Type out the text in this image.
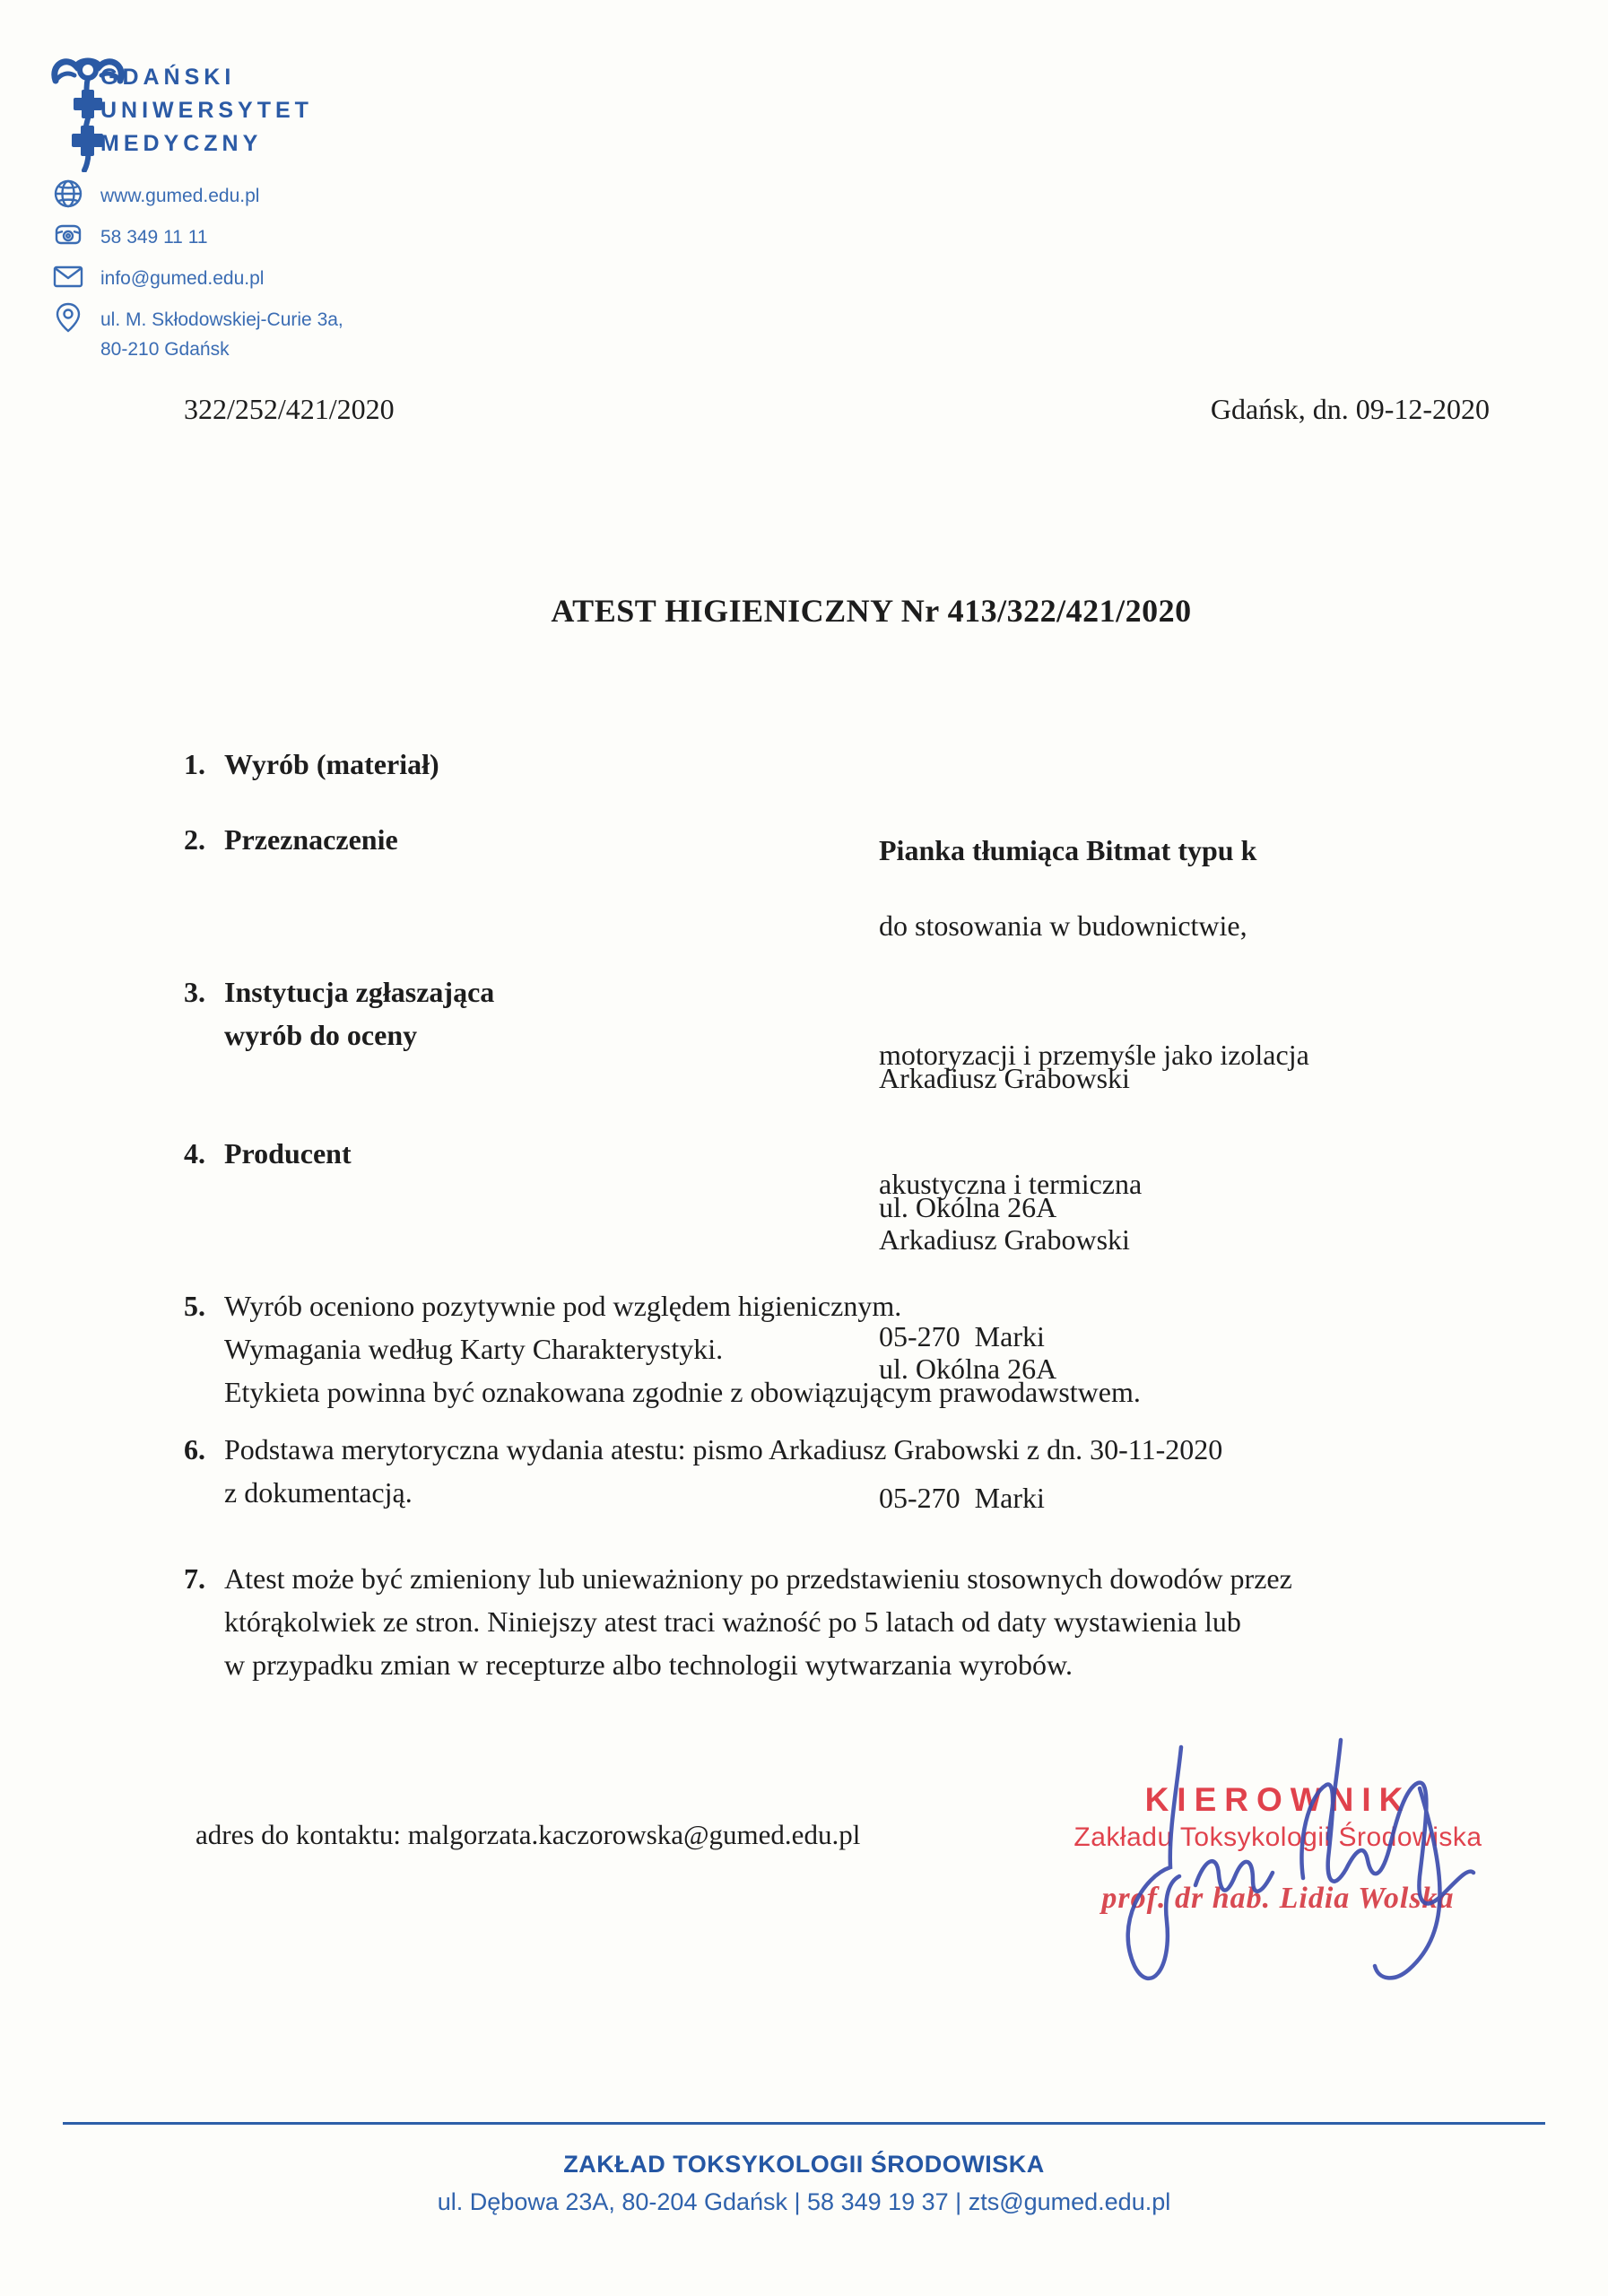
GDAŃSKI
UNIWERSYTET
MEDYCZNY
www.gumed.edu.pl
58 349 11 11
info@gumed.edu.pl
ul. M. Skłodowskiej-Curie 3a,
80-210 Gdańsk
322/252/421/2020	Gdańsk, dn. 09-12-2020
ATEST HIGIENICZNY Nr 413/322/421/2020
1. Wyrób (materiał)

Pianka tłumiąca Bitmat typu k

2. Przeznaczenie

do stosowania w budownictwie,

motoryzacji i przemyśle jako izolacja

akustyczna i termiczna

3. Instytucja zgłaszająca
wyrób do oceny

Arkadiusz Grabowski

ul. Okólna 26A

05-270  Marki

4. Producent

Arkadiusz Grabowski

ul. Okólna 26A

05-270  Marki

5. Wyrób oceniono pozytywnie pod względem higienicznym.
Wymagania według Karty Charakterystyki.
Etykieta powinna być oznakowana zgodnie z obowiązującym prawodawstwem.
6. Podstawa merytoryczna wydania atestu: pismo Arkadiusz Grabowski z dn. 30-11-2020
z dokumentacją.
7. Atest może być zmieniony lub unieważniony po przedstawieniu stosownych dowodów przez
którąkolwiek ze stron. Niniejszy atest traci ważność po 5 latach od daty wystawienia lub
w przypadku zmian w recepturze albo technologii wytwarzania wyrobów.
adres do kontaktu: malgorzata.kaczorowska@gumed.edu.pl
KIEROWNIK
Zakładu Toksykologii Środowiska
prof. dr hab. Lidia Wolska
ZAKŁAD TOKSYKOLOGII ŚRODOWISKA
ul. Dębowa 23A, 80-204 Gdańsk | 58 349 19 37 | zts@gumed.edu.pl
